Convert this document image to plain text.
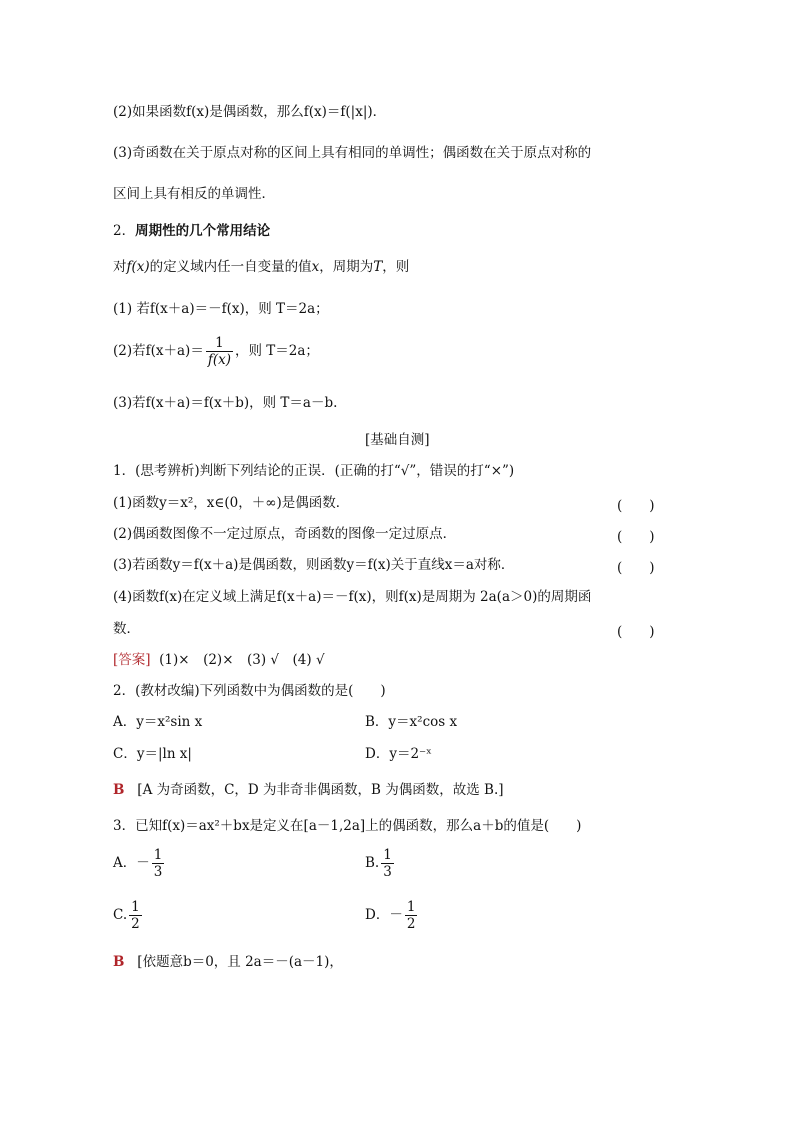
(2)如果函数f(x)是偶函数，那么f(x)＝f(|x|)．
(3)奇函数在关于原点对称的区间上具有相同的单调性；偶函数在关于原点对称的
区间上具有相反的单调性．
2．周期性的几个常用结论
对f(x)的定义域内任一自变量的值x，周期为T，则
(1) 若f(x＋a)＝－f(x)，则 T＝2a；
(2)若$f(x+a)= \frac{1}{f(x)}$ ，则 T＝2a；
(3)若f(x＋a)＝f(x＋b)，则 T＝a－b.
[基础自测]
1．(思考辨析)判断下列结论的正误．(正确的打“√”，错误的打“×”)
(1)函数y＝x²，x∈(0，＋∞)是偶函数．	(　　)
(2)偶函数图像不一定过原点，奇函数的图像一定过原点．	(　　)
(3)若函数y＝f(x＋a)是偶函数，则函数y＝f(x)关于直线x＝a对称．	(　　)
(4)函数f(x)在定义域上满足f(x＋a)＝－f(x)，则f(x)是周期为 2a(a＞0)的周期函
数．	(　　)
[答案] (1)×　(2)×　(3) √　(4) √
2．(教材改编)下列函数中为偶函数的是(　　)
A．y＝x²sin x	B．y＝x²cos x
C．y＝|ln x|	D．y＝2⁻ˣ
B [A 为奇函数，C，D 为非奇非偶函数，B 为偶函数，故选 B.]
3．已知f(x)＝ax²＋bx是定义在[a－1,2a]上的偶函数，那么a＋b的值是(　　)
A．－ $\frac{1}{3}$	B. $\frac{1}{3}$
C. $\frac{1}{2}$	D．－ $\frac{1}{2}$
B [依题意b＝0，且 2a＝－(a－1)，
